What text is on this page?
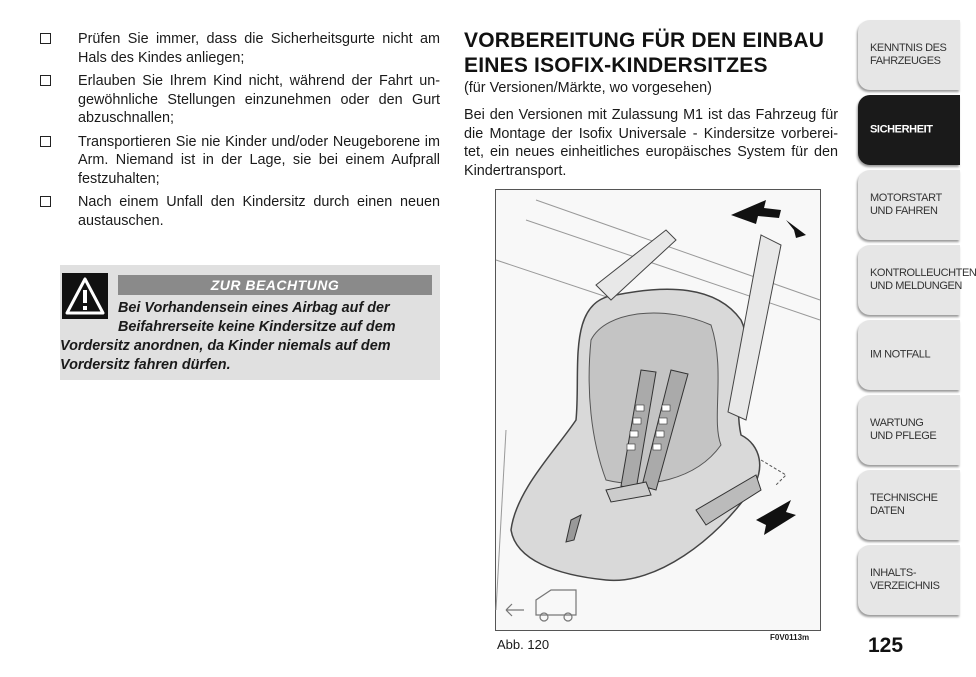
Prüfen Sie immer, dass die Sicherheitsgurte nicht am Hals des Kindes anliegen;
Erlauben Sie Ihrem Kind nicht, während der Fahrt un-gewöhnliche Stellungen einzunehmen oder den Gurt abzuschnallen;
Transportieren Sie nie Kinder und/oder Neugeborene im Arm. Niemand ist in der Lage, sie bei einem Aufprall festzuhalten;
Nach einem Unfall den Kindersitz durch einen neuen austauschen.
ZUR BEACHTUNG
Bei Vorhandensein eines Airbag auf der
Beifahrerseite keine Kindersitze auf dem
Vordersitz anordnen, da Kinder niemals auf dem Vordersitz fahren dürfen.
VORBEREITUNG FÜR DEN EINBAU
EINES ISOFIX-KINDERSITZES
(für Versionen/Märkte, wo vorgesehen)
Bei den Versionen mit Zulassung M1 ist das Fahrzeug für die Montage der Isofix Universale - Kindersitze vorberei-tet, ein neues einheitliches europäisches System für den Kindertransport.
F0V0113m
Abb. 120
KENNTNIS DES
FAHRZEUGES
SICHERHEIT
MOTORSTART
UND FAHREN
KONTROLLEUCHTEN
UND MELDUNGEN
IM NOTFALL
WARTUNG
UND PFLEGE
TECHNISCHE DATEN
INHALTS-
VERZEICHNIS
125
